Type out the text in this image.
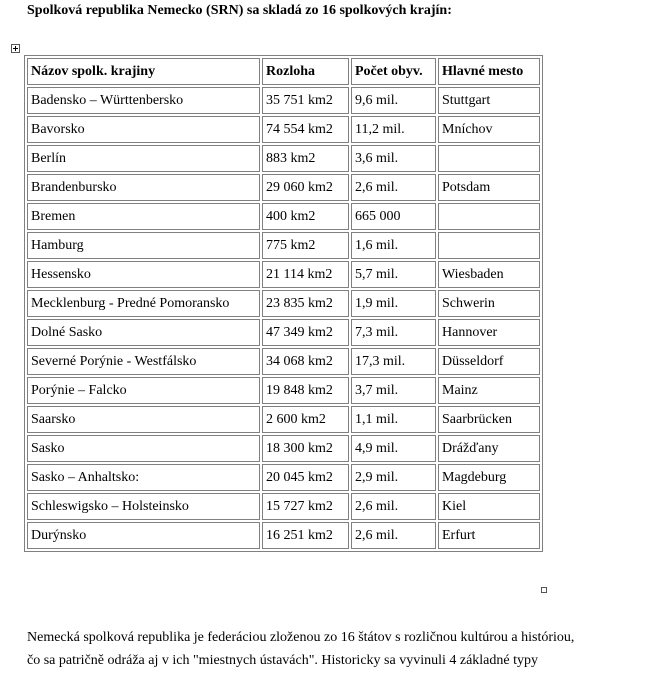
Spolková republika Nemecko (SRN) sa skladá zo 16 spolkových krajín:
Názov spolk. krajiny	Rozloha	Počet obyv.	Hlavné mesto
Badensko – Württenbersko	35 751 km2	9,6 mil.	Stuttgart
Bavorsko	74 554 km2	11,2 mil.	Mníchov
Berlín	883 km2	3,6 mil.	
Brandenbursko	29 060 km2	2,6 mil.	Potsdam
Bremen	400 km2	665 000	
Hamburg	775 km2	1,6 mil.	
Hessensko	21 114 km2	5,7 mil.	Wiesbaden
Mecklenburg - Predné Pomoransko	23 835 km2	1,9 mil.	Schwerin
Dolné Sasko	47 349 km2	7,3 mil.	Hannover
Severné Porýnie - Westfálsko	34 068 km2	17,3 mil.	Düsseldorf
Porýnie – Falcko	19 848 km2	3,7 mil.	Mainz
Saarsko	2 600 km2	1,1 mil.	Saarbrücken
Sasko	18 300 km2	4,9 mil.	Drážďany
Sasko – Anhaltsko:	20 045 km2	2,9 mil.	Magdeburg
Schleswigsko – Holsteinsko	15 727 km2	2,6 mil.	Kiel
Durýnsko	16 251 km2	2,6 mil.	Erfurt

Nemecká spolková republika je federáciou zloženou zo 16 štátov s rozličnou kultúrou a históriou,

čo sa patričně odráža aj v ich "miestnych ústavách". Historicky sa vyvinuli 4 základné typy
